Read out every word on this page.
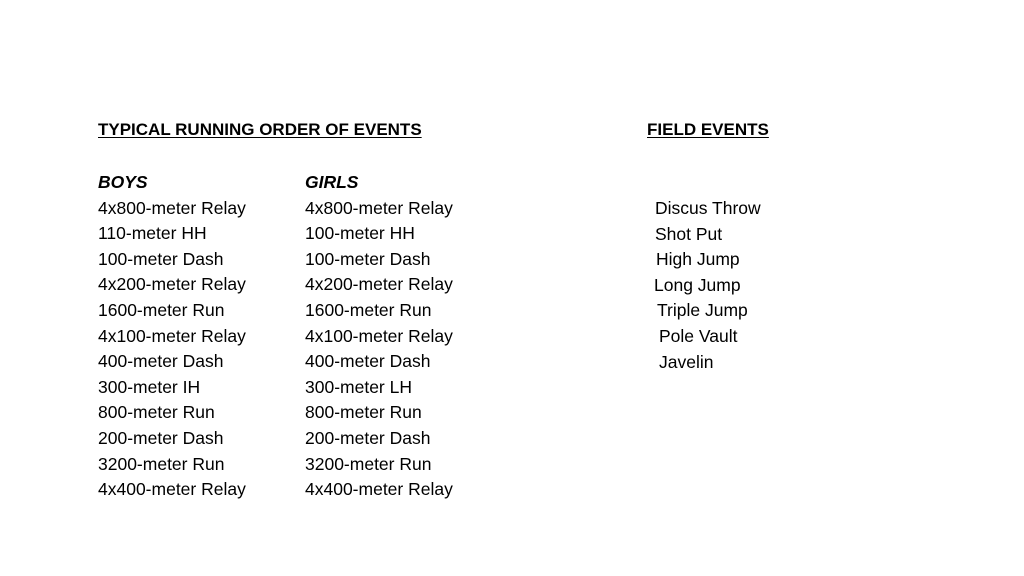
TYPICAL RUNNING ORDER OF EVENTS	FIELD EVENTS
BOYS
4x800-meter Relay
110-meter HH
100-meter Dash
4x200-meter Relay
1600-meter Run
4x100-meter Relay
400-meter Dash
300-meter IH
800-meter Run
200-meter Dash
3200-meter Run
4x400-meter Relay
GIRLS
4x800-meter Relay
100-meter HH
100-meter Dash
4x200-meter Relay
1600-meter Run
4x100-meter Relay
400-meter Dash
300-meter LH
800-meter Run
200-meter Dash
3200-meter Run
4x400-meter Relay
Discus Throw
Shot Put
High Jump
Long Jump
Triple Jump
Pole Vault
Javelin
